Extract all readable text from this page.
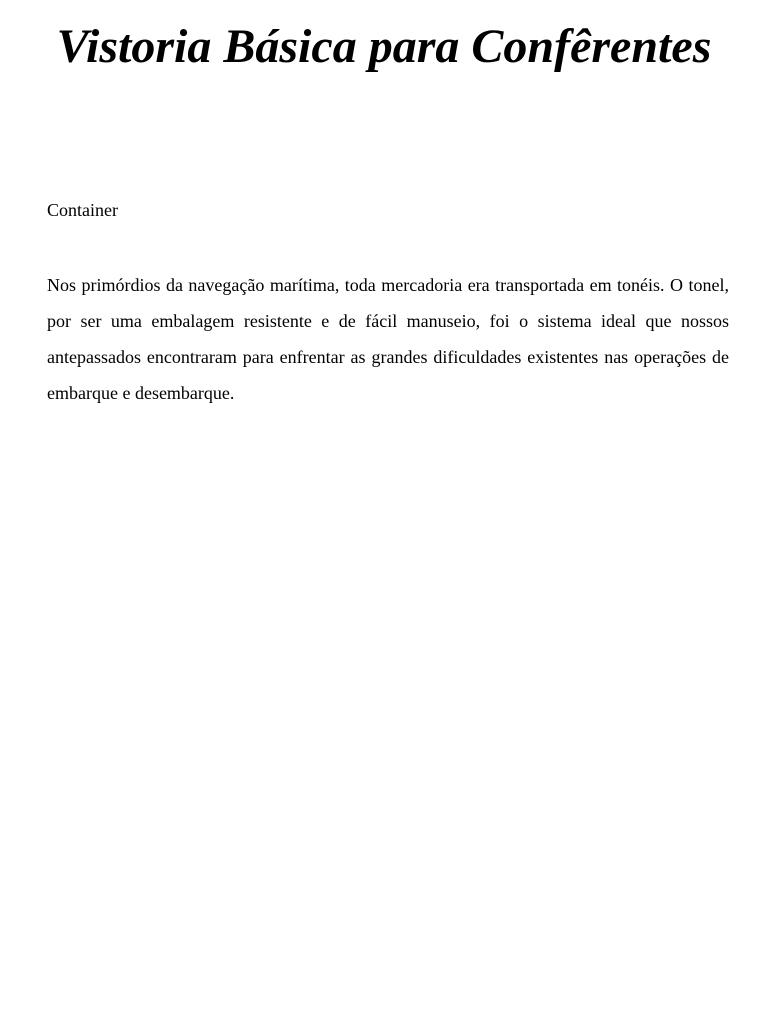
Vistoria Básica para Confêrentes

Container

Nos primórdios da navegação marítima, toda mercadoria era transportada em tonéis. O tonel, por ser uma embalagem resistente e de fácil manuseio, foi o sistema ideal que nossos antepassados encontraram para enfrentar as grandes dificuldades existentes nas operações de embarque e desembarque.
